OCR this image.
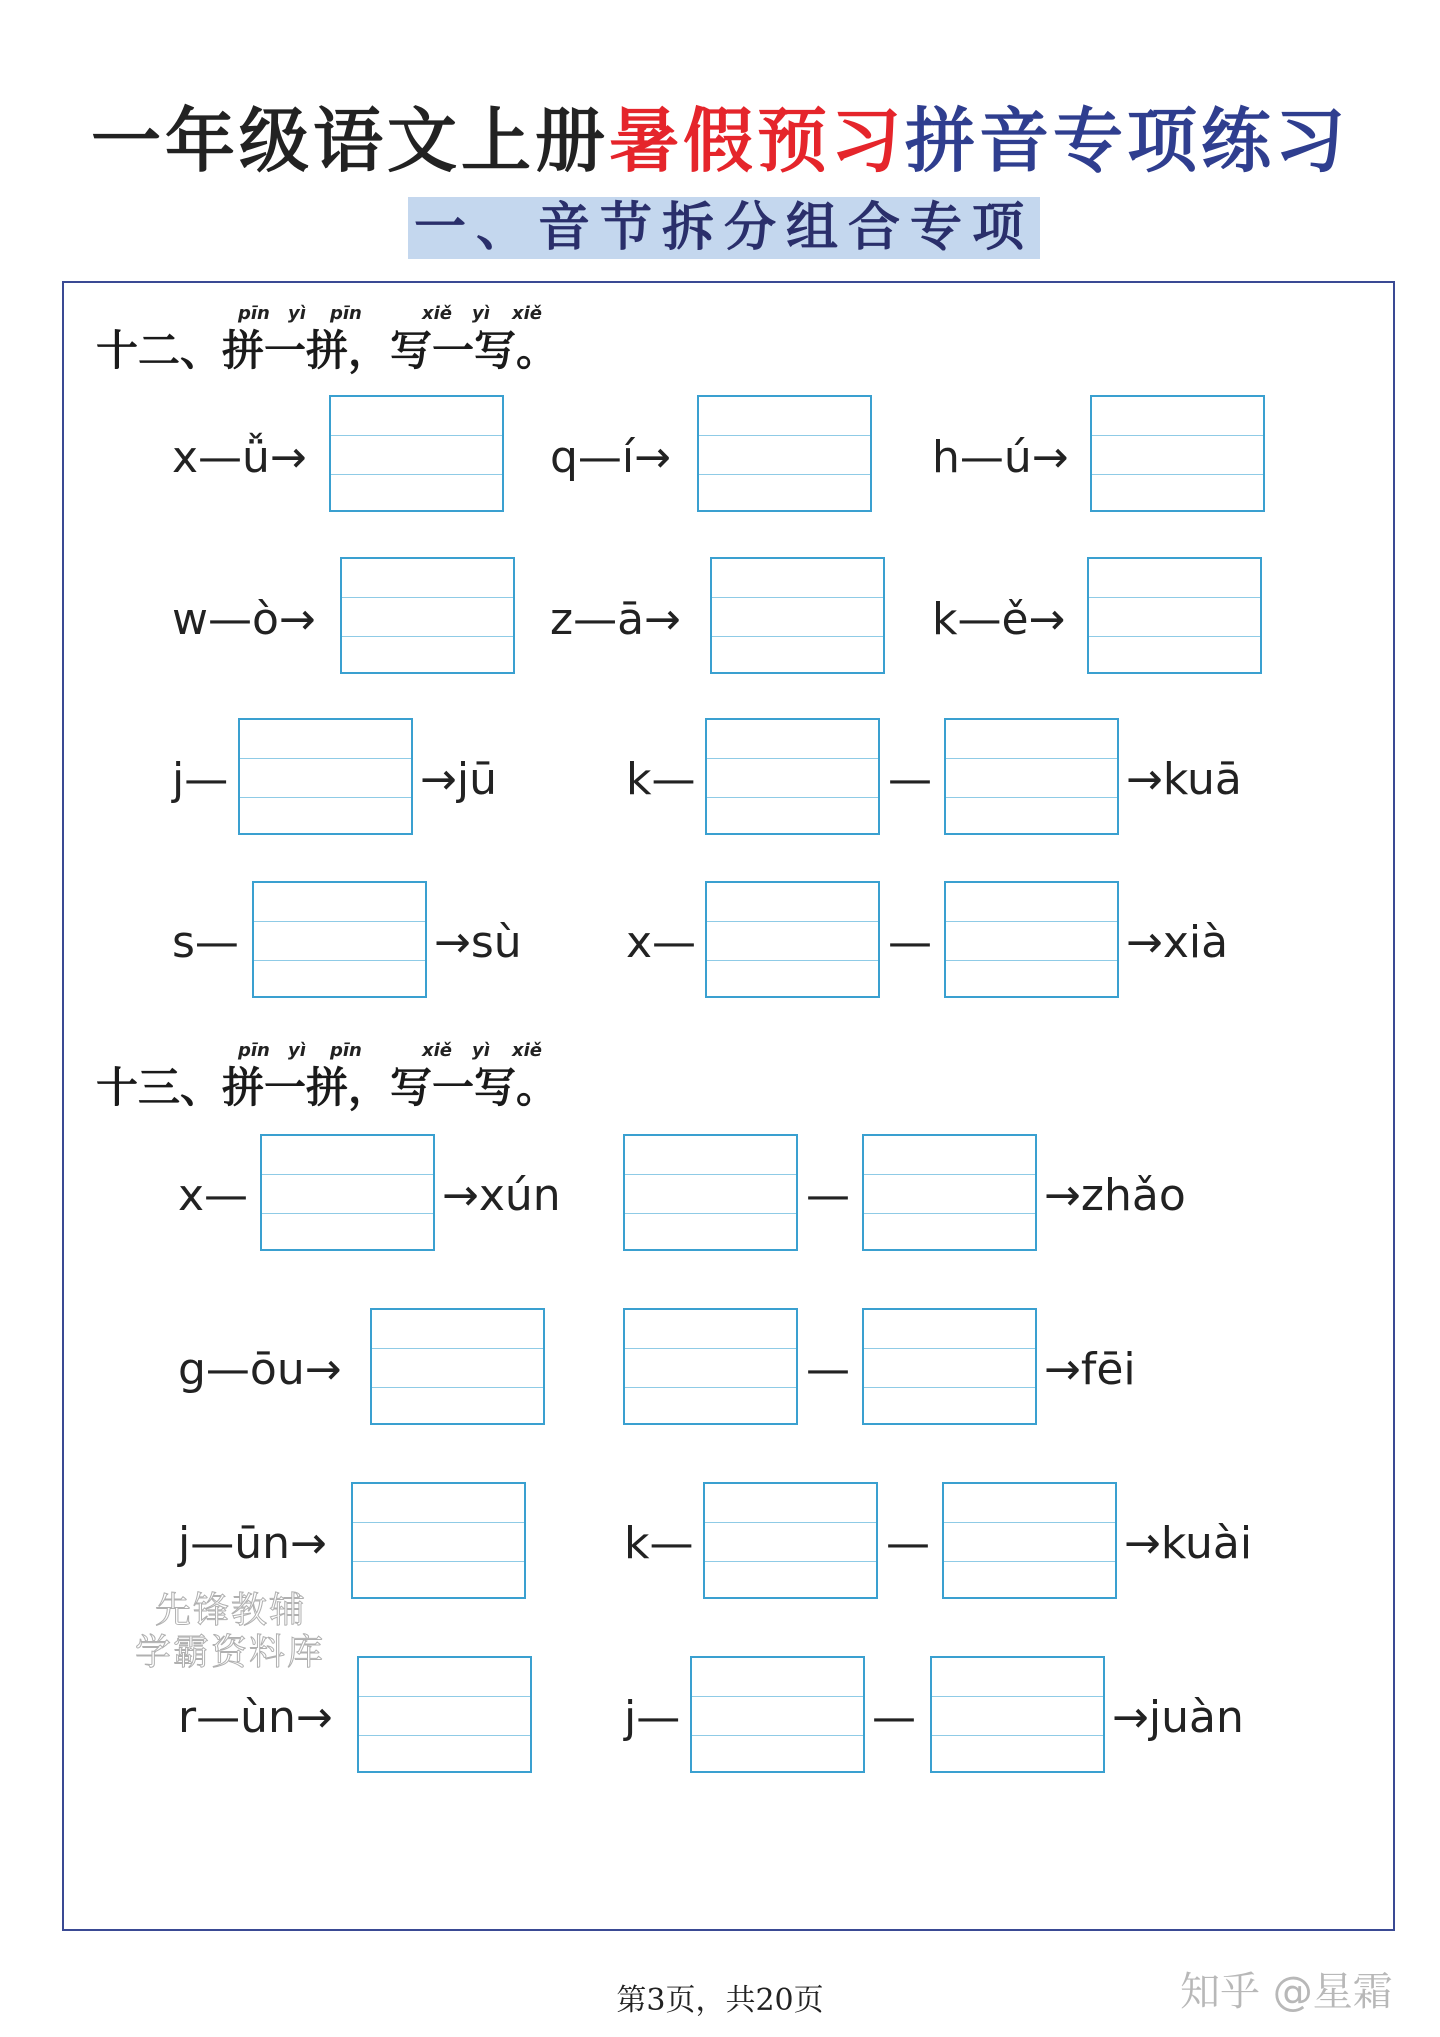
一年级语文上册暑假预习拼音专项练习
一、音节拆分组合专项
pīn yì pīn	xiě yì xiě
十二、拼一拼，写一写。
x—ǚ→	q—í→	h—ú→
w—ò→	z—ā→	k—ě→
j—	→jū	k—	—	→kuā
s—	→sù x—	—	→xià
pīn yì pīn	xiě yì xiě
十三、拼一拼，写一写。
x—	→xún	—	→zhǎo
g—ōu→	—	→fēi
j—ūn→	k—	—	→kuài
r—ùn→	j—	—	→juàn
先锋教辅
学霸资料库
第3页，共20页	知乎 @星霜
